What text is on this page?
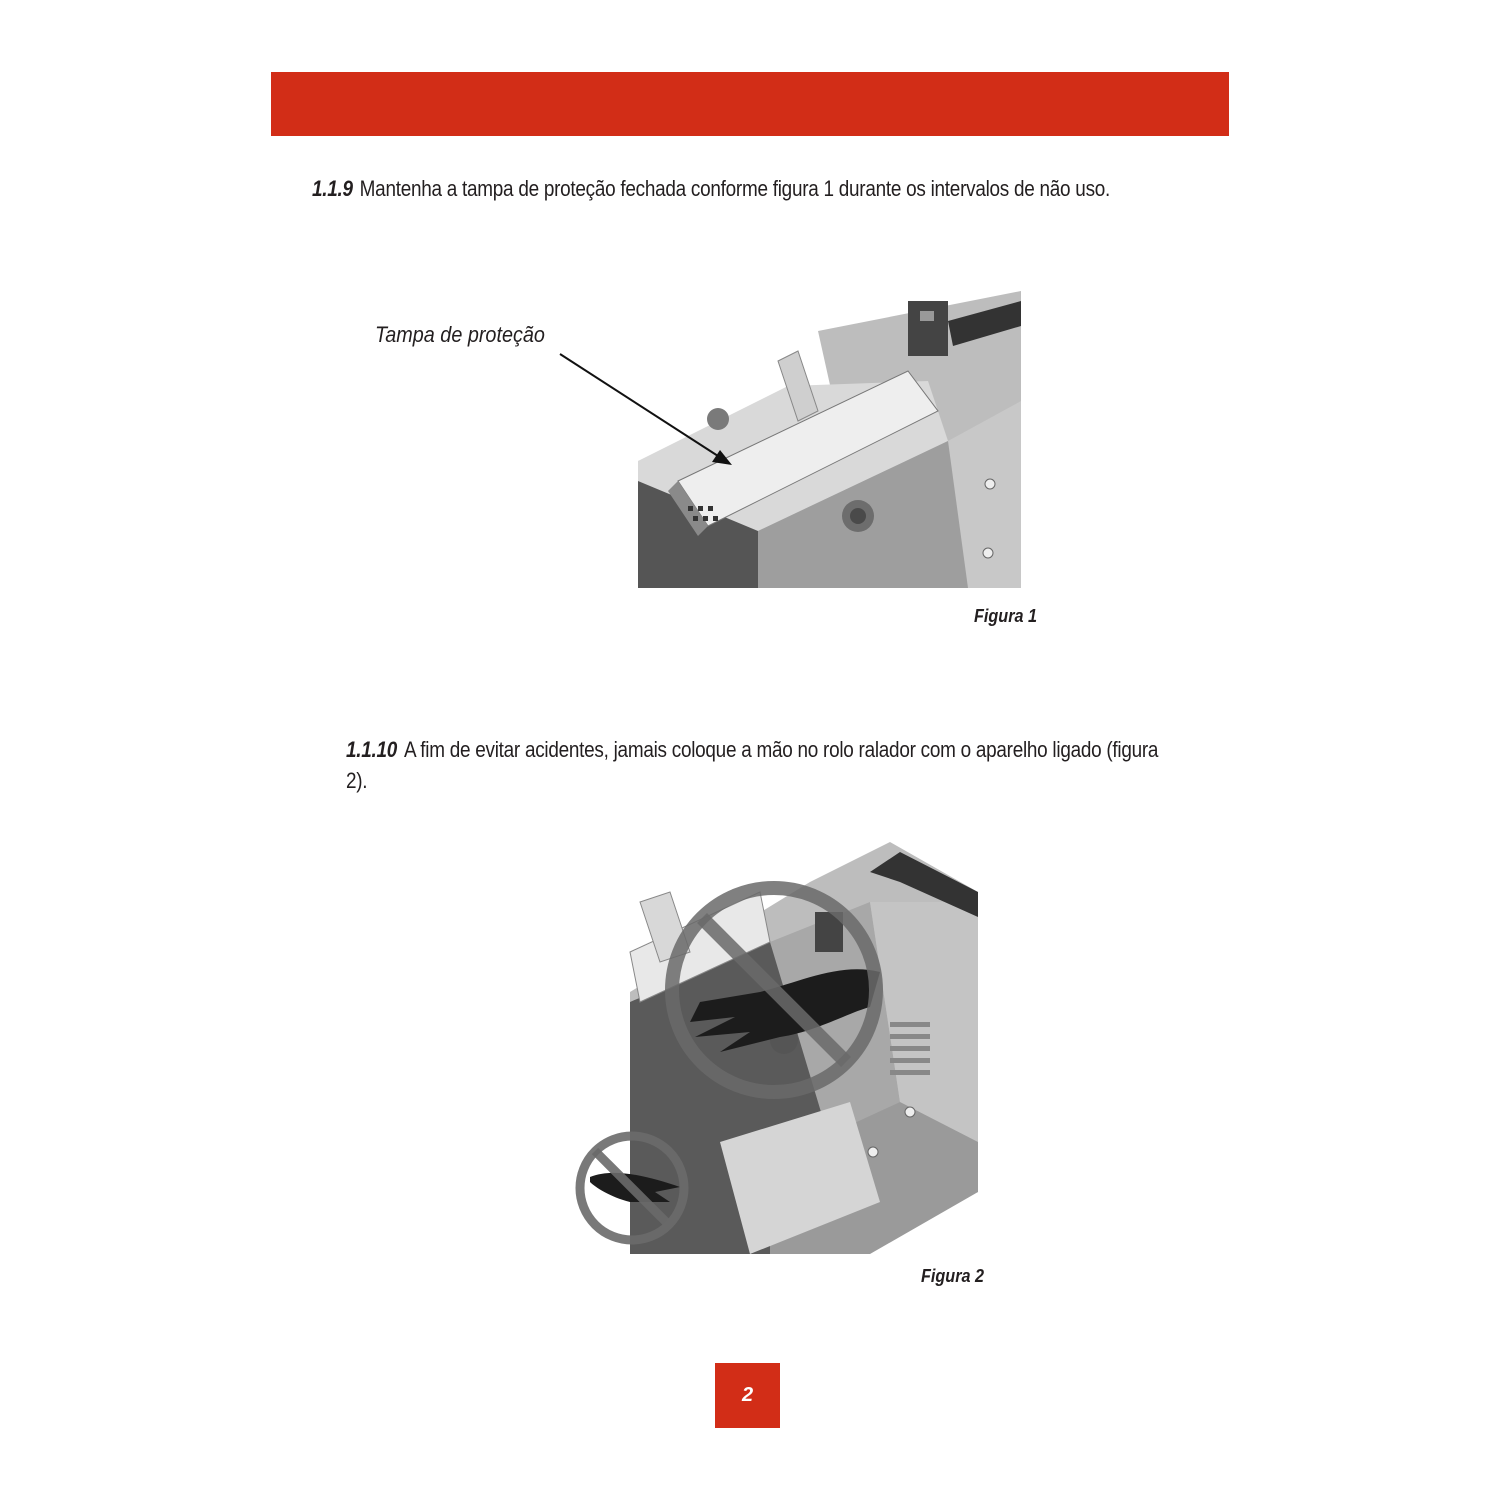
1.1.9 Mantenha a tampa de proteção fechada conforme figura 1 durante os intervalos de não uso.
Tampa de proteção
Figura 1
1.1.10 A fim de evitar acidentes, jamais coloque a mão no rolo ralador com o aparelho ligado (figura 2).
Figura 2
2
